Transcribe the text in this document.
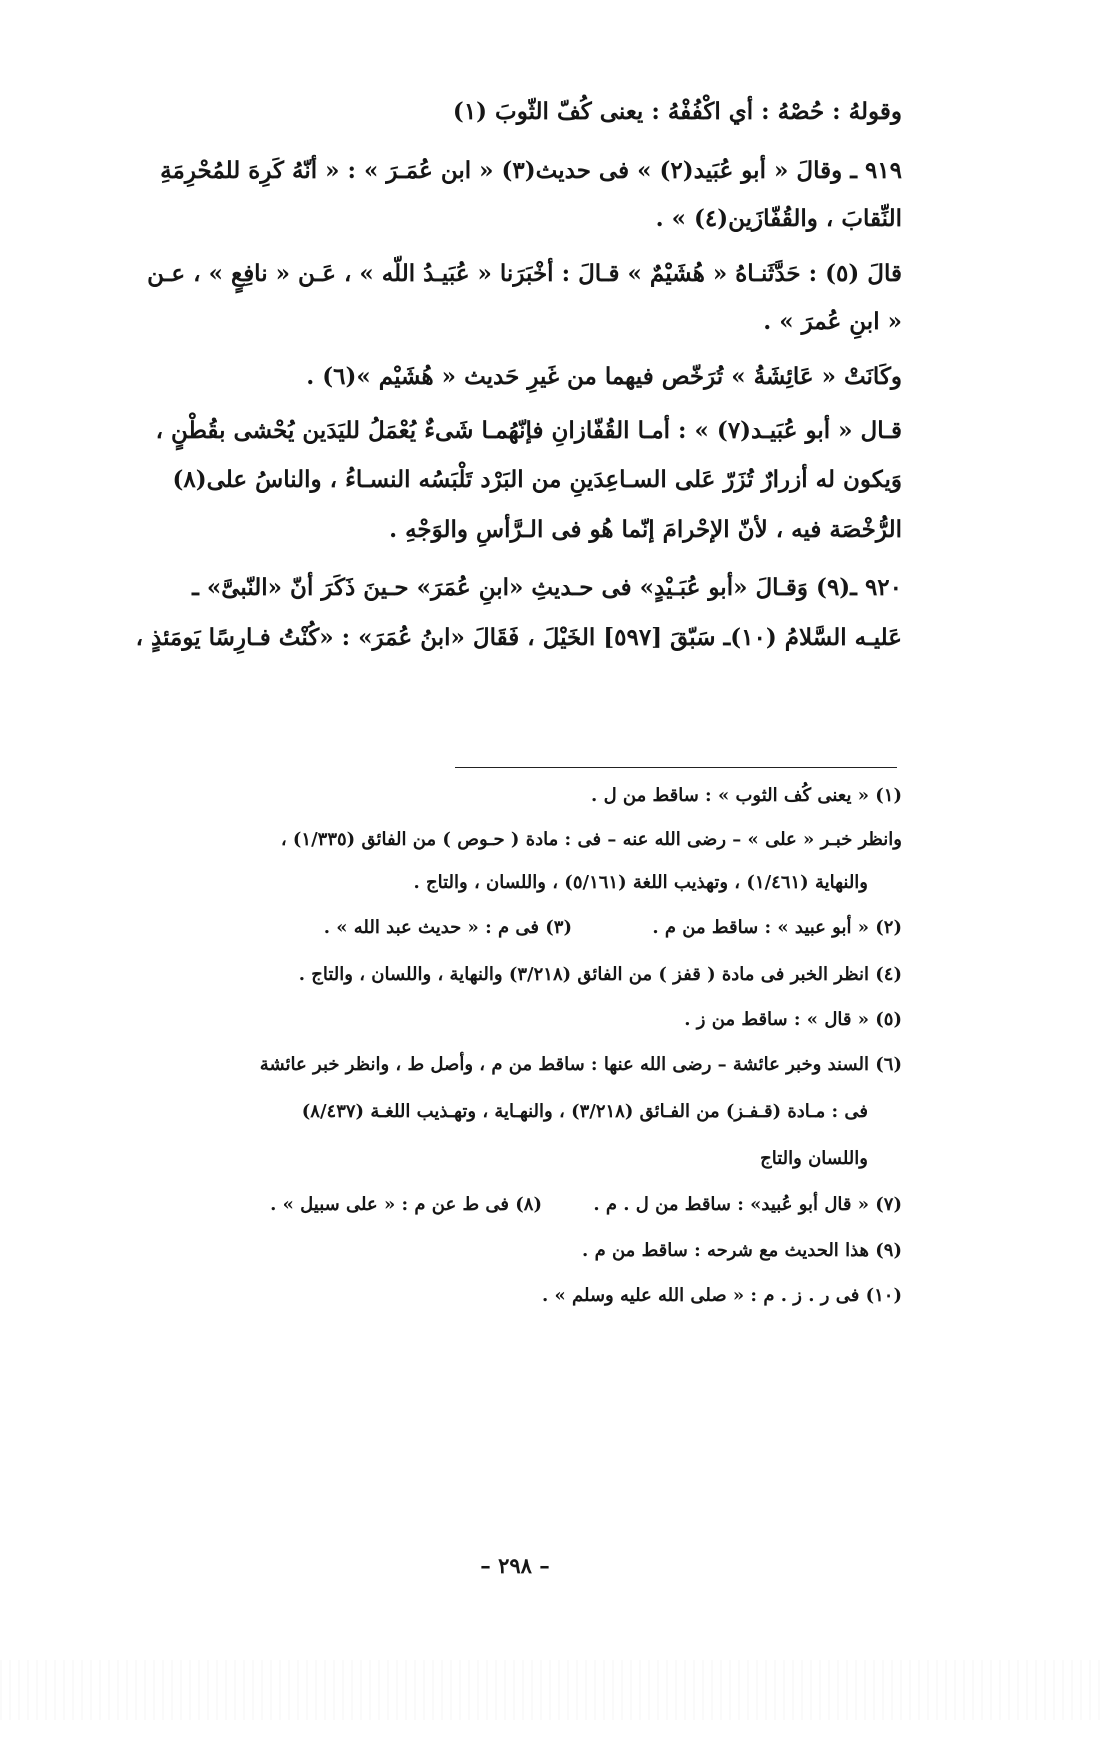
وقولهُ : حُصْهُ : أي اكْفُفْهُ : يعنى كُفّ الثّوبَ (١)
٩١٩ ـ وقالَ « أبو عُبَيد(٢) » فى حديث(٣) « ابن عُمَـرَ » : « أنّهُ كَرِهَ للمُحْرِمَةِ
النِّقابَ ، والقُفّازَين(٤) » .
قالَ (٥) : حَدَّثَنـاهُ « هُشَيْمٌ » قـالَ : أخْبَرَنا « عُبَيـدُ اللّه » ، عَـن « نافِعٍ » ، عـن
« ابنِ عُمرَ » .
وكَانَتْ « عَائِشَةُ » تُرَخّص فيهما من غَيرِ حَديث « هُشَيْم »(٦) .
قـال « أبو عُبَيـد(٧) » : أمـا القُفّازانِ فإنّهُمـا شَىءٌ يُعْمَلُ لليَدَين يُحْشى بقُطْنٍ ،
وَيكون له أزرارٌ تُزَرّ عَلى السـاعِدَينِ من البَرْد تَلْبَسُه النسـاءُ ، والناسُ على(٨)
الرُّخْصَة فيه ، لأنّ الإحْرامَ إنّما هُو فى الـرَّأسِ والوَجْهِ .
٩٢٠ ـ(٩) وَقـالَ «أبو عُبَـيْدٍ» فى حـديثِ «ابنِ عُمَرَ» حـينَ ذَكَرَ أنّ «النّبىَّ» ـ
عَليـه السَّلامُ (١٠)ـ سَبّقَ [٥٩٧] الخَيْلَ ، فَقَالَ «ابنُ عُمَرَ» : «كُنْتُ فـارِسًا يَومَئذٍ ،
(١) « يعنى كُف الثوب » : ساقط من ل .
وانظر خبـر « على » – رضى الله عنه – فى : مادة ( حـوص ) من الفائق (١/٣٣٥) ،
والنهاية (١/٤٦١) ، وتهذيب اللغة (٥/١٦١) ، واللسان ، والتاج .
(٢) « أبو عبيد » : ساقط من م .
(٣) فى م : « حديث عبد الله » .
(٤) انظر الخبر فى مادة ( قفز ) من الفائق (٣/٢١٨) والنهاية ، واللسان ، والتاج .
(٥) « قال » : ساقط من ز .
(٦) السند وخبر عائشة – رضى الله عنها : ساقط من م ، وأصل ط ، وانظر خبر عائشة
فى : مـادة (قـفـز) من الفـائق (٣/٢١٨) ، والنهـاية ، وتهـذيب اللغـة (٨/٤٣٧)
واللسان والتاج
(٧) « قال أبو عُبيد» : ساقط من ل . م .
(٨) فى ط عن م : « على سبيل » .
(٩) هذا الحديث مع شرحه : ساقط من م .
(١٠) فى ر . ز . م : « صلى الله عليه وسلم » .
– ٢٩٨ –
